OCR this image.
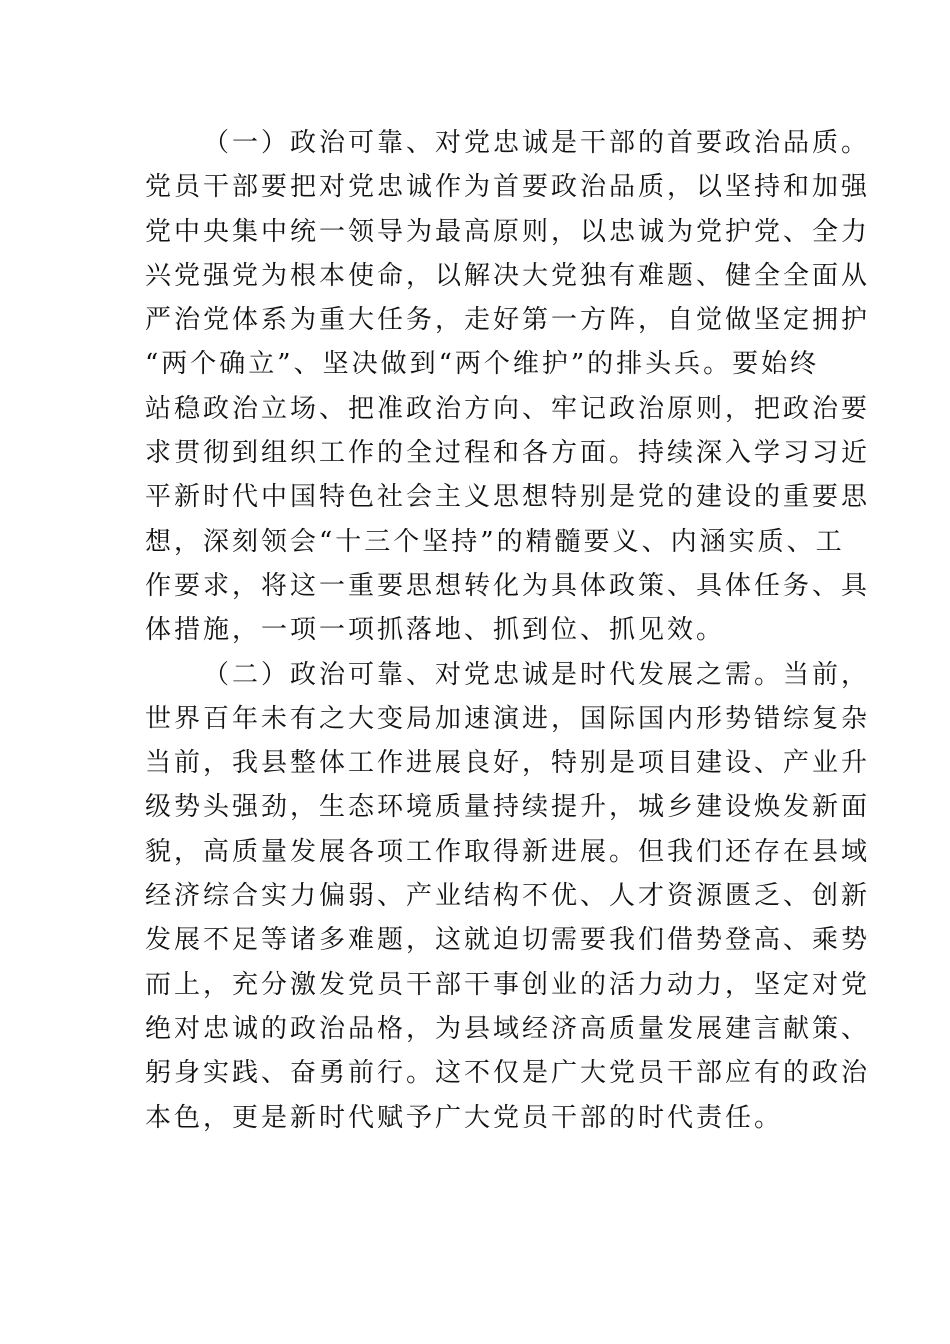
（一）政治可靠、对党忠诚是干部的首要政治品质。
党员干部要把对党忠诚作为首要政治品质，以坚持和加强
党中央集中统一领导为最高原则，以忠诚为党护党、全力
兴党强党为根本使命，以解决大党独有难题、健全全面从
严治党体系为重大任务，走好第一方阵，自觉做坚定拥护
“两个确立”、坚决做到“两个维护”的排头兵。要始终
站稳政治立场、把准政治方向、牢记政治原则，把政治要
求贯彻到组织工作的全过程和各方面。持续深入学习习近
平新时代中国特色社会主义思想特别是党的建设的重要思
想，深刻领会“十三个坚持”的精髓要义、内涵实质、工
作要求，将这一重要思想转化为具体政策、具体任务、具
体措施，一项一项抓落地、抓到位、抓见效。
（二）政治可靠、对党忠诚是时代发展之需。当前，
世界百年未有之大变局加速演进，国际国内形势错综复杂
当前，我县整体工作进展良好，特别是项目建设、产业升
级势头强劲，生态环境质量持续提升，城乡建设焕发新面
貌，高质量发展各项工作取得新进展。但我们还存在县域
经济综合实力偏弱、产业结构不优、人才资源匮乏、创新
发展不足等诸多难题，这就迫切需要我们借势登高、乘势
而上，充分激发党员干部干事创业的活力动力，坚定对党
绝对忠诚的政治品格，为县域经济高质量发展建言献策、
躬身实践、奋勇前行。这不仅是广大党员干部应有的政治
本色，更是新时代赋予广大党员干部的时代责任。
